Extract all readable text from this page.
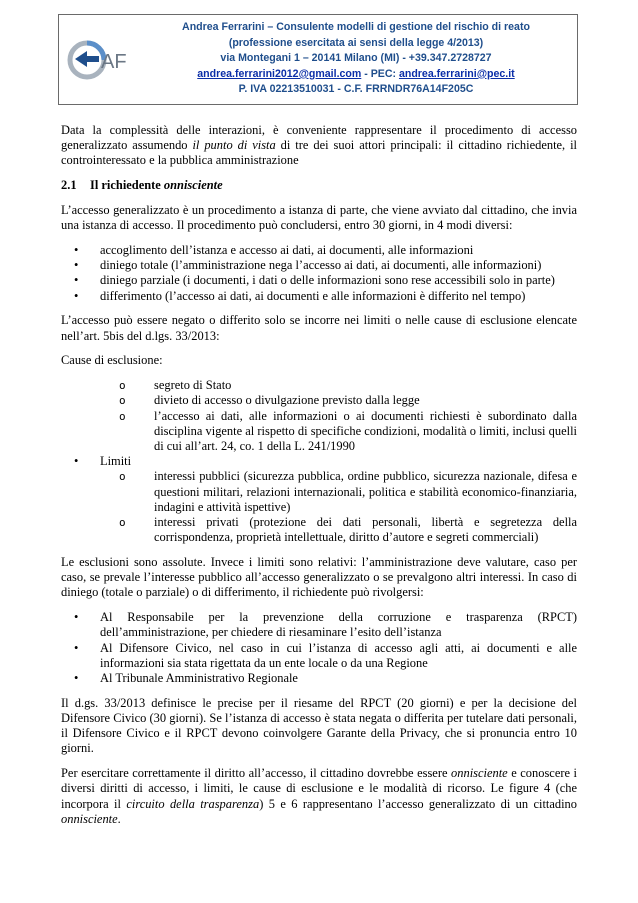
AF
Andrea Ferrarini – Consulente modelli di gestione del rischio di reato
(professione esercitata ai sensi della legge 4/2013)
via Montegani 1 – 20141 Milano (MI) - +39.347.2728727
andrea.ferrarini2012@gmail.com - PEC: andrea.ferrarini@pec.it
P. IVA 02213510031 - C.F. FRRNDR76A14F205C

Data la complessità delle interazioni, è conveniente rappresentare il procedimento di accesso generalizzato assumendo il punto di vista di tre dei suoi attori principali: il cittadino richiedente, il controinteressato e la pubblica amministrazione

2.1 Il richiedente onnisciente

L’accesso generalizzato è un procedimento a istanza di parte, che viene avviato dal cittadino, che invia una istanza di accesso. Il procedimento può concludersi, entro 30 giorni, in 4 modi diversi:

• accoglimento dell’istanza e accesso ai dati, ai documenti, alle informazioni
• diniego totale (l’amministrazione nega l’accesso ai dati, ai documenti, alle informazioni)
• diniego parziale (i documenti, i dati o delle informazioni sono rese accessibili solo in parte)
• differimento (l’accesso ai dati, ai documenti e alle informazioni è differito nel tempo)

L’accesso può essere negato o differito solo se incorre nei limiti o nelle cause di esclusione elencate nell’art. 5bis del d.lgs. 33/2013:

Cause di esclusione:
o segreto di Stato
o divieto di accesso o divulgazione previsto dalla legge
o l’accesso ai dati, alle informazioni o ai documenti richiesti è subordinato dalla disciplina vigente al rispetto di specifiche condizioni, modalità o limiti, inclusi quelli di cui all’art. 24, co. 1 della L. 241/1990
• Limiti
o interessi pubblici (sicurezza pubblica, ordine pubblico, sicurezza nazionale, difesa e questioni militari, relazioni internazionali, politica e stabilità economico-finanziaria, indagini e attività ispettive)
o interessi privati (protezione dei dati personali, libertà e segretezza della corrispondenza, proprietà intellettuale, diritto d’autore e segreti commerciali)

Le esclusioni sono assolute. Invece i limiti sono relativi: l’amministrazione deve valutare, caso per caso, se prevale l’interesse pubblico all’accesso generalizzato o se prevalgono altri interessi. In caso di diniego (totale o parziale) o di differimento, il richiedente può rivolgersi:

• Al Responsabile per la prevenzione della corruzione e trasparenza (RPCT) dell’amministrazione, per chiedere di riesaminare l’esito dell’istanza
• Al Difensore Civico, nel caso in cui l’istanza di accesso agli atti, ai documenti e alle informazioni sia stata rigettata da un ente locale o da una Regione
• Al Tribunale Amministrativo Regionale

Il d.gs. 33/2013 definisce le precise per il riesame del RPCT (20 giorni) e per la decisione del Difensore Civico (30 giorni). Se l’istanza di accesso è stata negata o differita per tutelare dati personali, il Difensore Civico e il RPCT devono coinvolgere Garante della Privacy, che si pronuncia entro 10 giorni.

Per esercitare correttamente il diritto all’accesso, il cittadino dovrebbe essere onnisciente e conoscere i diversi diritti di accesso, i limiti, le cause di esclusione e le modalità di ricorso. Le figure 4 (che incorpora il circuito della trasparenza) 5 e 6 rappresentano l’accesso generalizzato di un cittadino onnisciente.
